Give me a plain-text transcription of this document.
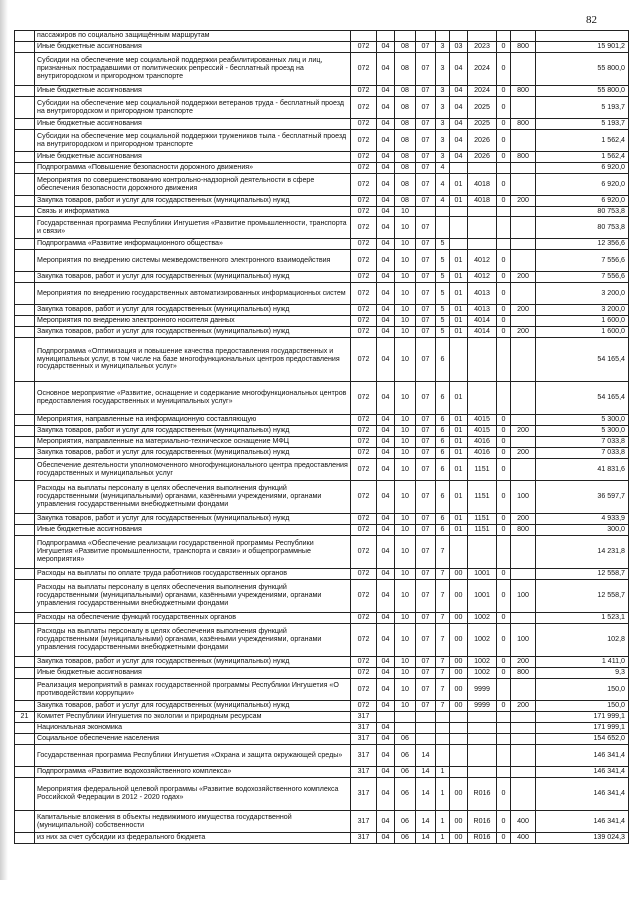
82
	пассажиров по социально защищённым маршрутам										
	Иные бюджетные ассигнования	072	04	08	07	3	03	2023	0	800	15 901,2
	Субсидии на обеспечение мер социальной поддержки реабилитированных лиц и лиц, признанных пострадавшими от политических репрессий - бесплатный проезд на внутригородском и пригородном транспорте	072	04	08	07	3	04	2024	0		55 800,0
	Иные бюджетные ассигнования	072	04	08	07	3	04	2024	0	800	55 800,0
	Субсидии на обеспечение мер социальной поддержки ветеранов труда - бесплатный проезд на внутригородском и пригородном транспорте	072	04	08	07	3	04	2025	0		5 193,7
	Иные бюджетные ассигнования	072	04	08	07	3	04	2025	0	800	5 193,7
	Субсидии на обеспечение мер социальной поддержки тружеников тыла - бесплатный проезд на внутригородском и пригородном транспорте	072	04	08	07	3	04	2026	0		1 562,4
	Иные бюджетные ассигнования	072	04	08	07	3	04	2026	0	800	1 562,4
	Подпрограмма «Повышение безопасности дорожного движения»	072	04	08	07	4					6 920,0
	Мероприятия по совершенствованию контрольно-надзорной деятельности в сфере обеспечения безопасности дорожного движения	072	04	08	07	4	01	4018	0		6 920,0
	Закупка товаров, работ и услуг для государственных (муниципальных) нужд	072	04	08	07	4	01	4018	0	200	6 920,0
	Связь и информатика	072	04	10							80 753,8
	Государственная программа Республики Ингушетия «Развитие промышленности, транспорта и связи»	072	04	10	07						80 753,8
	Подпрограмма «Развитие информационного общества»	072	04	10	07	5					12 356,6
	Мероприятия по внедрению системы межведомственного электронного взаимодействия	072	04	10	07	5	01	4012	0		7 556,6
	Закупка товаров, работ и услуг для государственных (муниципальных) нужд	072	04	10	07	5	01	4012	0	200	7 556,6
	Мероприятия по внедрению государственных автоматизированных информационных систем	072	04	10	07	5	01	4013	0		3 200,0
	Закупка товаров, работ и услуг для государственных (муниципальных) нужд	072	04	10	07	5	01	4013	0	200	3 200,0
	Мероприятия по внедрению электронного носителя данных	072	04	10	07	5	01	4014	0		1 600,0
	Закупка товаров, работ и услуг для государственных (муниципальных) нужд	072	04	10	07	5	01	4014	0	200	1 600,0
	Подпрограмма «Оптимизация и повышение качества предоставления государственных и муниципальных услуг, в том числе на базе многофункциональных центров предоставления государственных и муниципальных услуг»	072	04	10	07	6					54 165,4
	Основное мероприятие «Развитие, оснащение и содержание многофункциональных центров предоставления государственных и муниципальных услуг»	072	04	10	07	6	01				54 165,4
	Мероприятия, направленные на информационную составляющую	072	04	10	07	6	01	4015	0		5 300,0
	Закупка товаров, работ и услуг для государственных (муниципальных) нужд	072	04	10	07	6	01	4015	0	200	5 300,0
	Мероприятия, направленные на материально-техническое оснащение МФЦ	072	04	10	07	6	01	4016	0		7 033,8
	Закупка товаров, работ и услуг для государственных (муниципальных) нужд	072	04	10	07	6	01	4016	0	200	7 033,8
	Обеспечение деятельности уполномоченного многофункционального центра предоставления государственных и муниципальных услуг	072	04	10	07	6	01	1151	0		41 831,6
	Расходы на выплаты персоналу в целях обеспечения выполнения функций государственными (муниципальными) органами, казёнными учреждениями, органами управления государственными внебюджетными фондами	072	04	10	07	6	01	1151	0	100	36 597,7
	Закупка товаров, работ и услуг для государственных (муниципальных) нужд	072	04	10	07	6	01	1151	0	200	4 933,9
	Иные бюджетные ассигнования	072	04	10	07	6	01	1151	0	800	300,0
	Подпрограмма «Обеспечение реализации государственной программы Республики Ингушетия «Развитие промышленности, транспорта и связи» и общепрограммные мероприятия»	072	04	10	07	7					14 231,8
	Расходы на выплаты по оплате труда работников государственных органов	072	04	10	07	7	00	1001	0		12 558,7
	Расходы на выплаты персоналу в целях обеспечения выполнения функций государственными (муниципальными) органами, казёнными учреждениями, органами управления государственными внебюджетными фондами	072	04	10	07	7	00	1001	0	100	12 558,7
	Расходы на обеспечение функций государственных органов	072	04	10	07	7	00	1002	0		1 523,1
	Расходы на выплаты персоналу в целях обеспечения выполнения функций государственными (муниципальными) органами, казёнными учреждениями, органами управления государственными внебюджетными фондами	072	04	10	07	7	00	1002	0	100	102,8
	Закупка товаров, работ и услуг для государственных (муниципальных) нужд	072	04	10	07	7	00	1002	0	200	1 411,0
	Иные бюджетные ассигнования	072	04	10	07	7	00	1002	0	800	9,3
	Реализация мероприятий в рамках государственной программы Республики Ингушетия «О противодействии коррупции»	072	04	10	07	7	00	9999			150,0
	Закупка товаров, работ и услуг для государственных (муниципальных) нужд	072	04	10	07	7	00	9999	0	200	150,0
21	Комитет Республики Ингушетия по экологии и природным ресурсам	317									171 999,1
	Национальная экономика	317	04								171 999,1
	Социальное обеспечение населения	317	04	06							154 652,0
	Государственная программа Республики Ингушетия «Охрана и защита окружающей среды»	317	04	06	14						146 341,4
	Подпрограмма «Развитие водохозяйственного комплекса»	317	04	06	14	1					146 341,4
	Мероприятия федеральной целевой программы «Развитие водохозяйственного комплекса Российской Федерации в 2012 - 2020 годах»	317	04	06	14	1	00	R016	0		146 341,4
	Капитальные вложения в объекты недвижимого имущества государственной (муниципальной) собственности	317	04	06	14	1	00	R016	0	400	146 341,4
	из них за счет субсидии из федерального бюджета	317	04	06	14	1	00	R016	0	400	139 024,3
